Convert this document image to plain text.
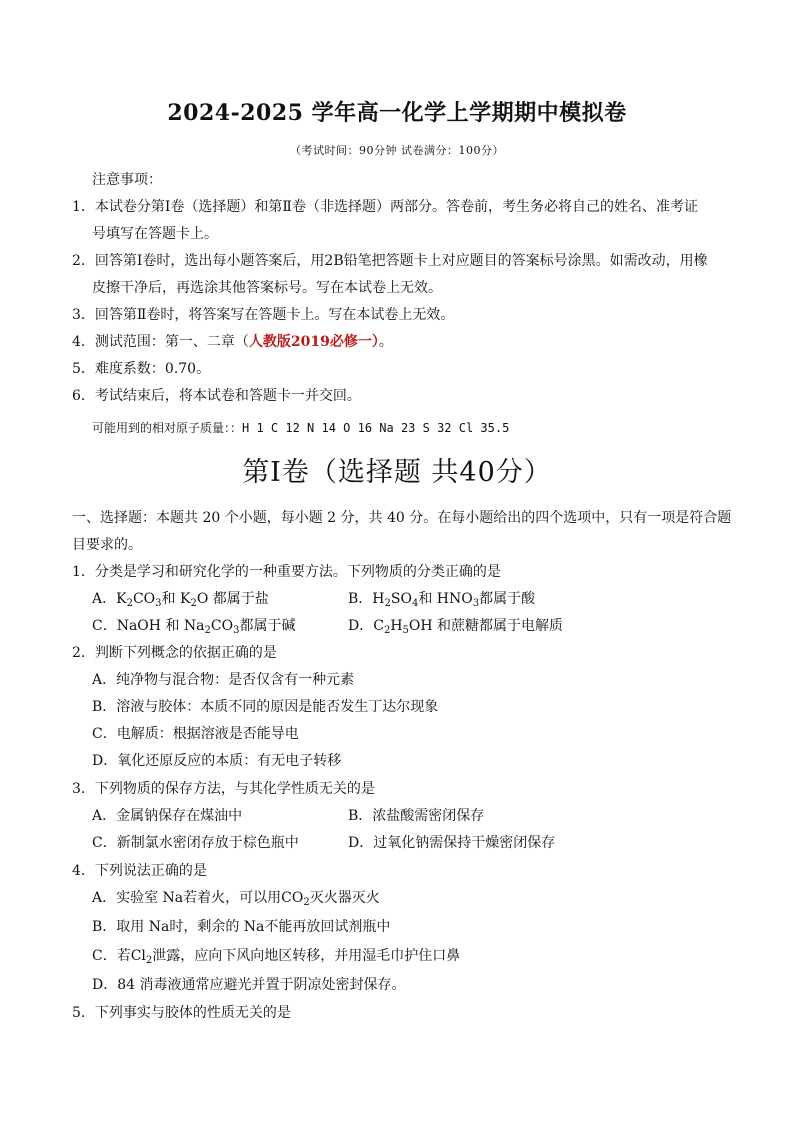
2024-2025 学年高一化学上学期期中模拟卷
（考试时间：90分钟 试卷满分：100分）
注意事项：
1．本试卷分第Ⅰ卷（选择题）和第Ⅱ卷（非选择题）两部分。答卷前，考生务必将自己的姓名、准考证
号填写在答题卡上。
2．回答第Ⅰ卷时，选出每小题答案后，用2B铅笔把答题卡上对应题目的答案标号涂黑。如需改动，用橡
皮擦干净后，再选涂其他答案标号。写在本试卷上无效。
3．回答第Ⅱ卷时，将答案写在答题卡上。写在本试卷上无效。
4．测试范围：第一、二章（人教版2019必修一）。
5．难度系数：0.70。
6．考试结束后，将本试卷和答题卡一并交回。
可能用到的相对原子质量：：H 1 C 12 N 14 O 16 Na 23 S 32 Cl 35.5
第Ⅰ卷（选择题 共40分）
一、选择题：本题共 20 个小题，每小题 2 分，共 40 分。在每小题给出的四个选项中，只有一项是符合题
目要求的。
1．分类是学习和研究化学的一种重要方法。下列物质的分类正确的是
A．$K_2CO_3$和 $K_2O$ 都属于盐	B．$H_2SO_4$和 $HNO_3$都属于酸
C．NaOH 和 $Na_2CO_3$都属于碱	D．$C_2H_5OH$ 和蔗糖都属于电解质
2．判断下列概念的依据正确的是
A．纯净物与混合物：是否仅含有一种元素
B．溶液与胶体：本质不同的原因是能否发生丁达尔现象
C．电解质：根据溶液是否能导电
D．氧化还原反应的本质：有无电子转移
3．下列物质的保存方法，与其化学性质无关的是
A．金属钠保存在煤油中	B．浓盐酸需密闭保存
C．新制氯水密闭存放于棕色瓶中	D．过氧化钠需保持干燥密闭保存
4．下列说法正确的是
A．实验室 Na若着火，可以用$CO_2$灭火器灭火
B．取用 Na时，剩余的 Na不能再放回试剂瓶中
C．若$Cl_2$泄露，应向下风向地区转移，并用湿毛巾护住口鼻
D．84 消毒液通常应避光并置于阴凉处密封保存。
5．下列事实与胶体的性质无关的是
